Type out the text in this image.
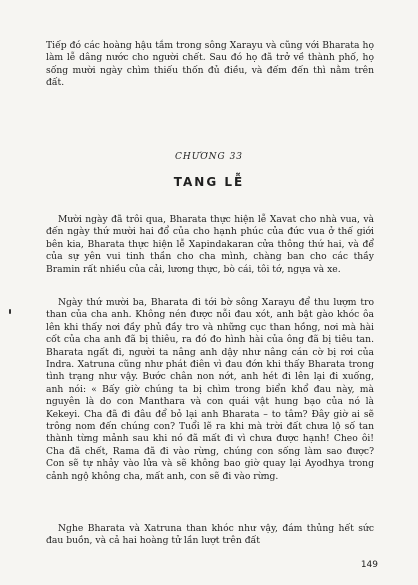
Tiếp đó các hoàng hậu tắm trong sông Xarayu và cũng với Bharata họ làm lễ dâng nước cho người chết. Sau đó họ đã trở về thành phố, họ sống mười ngày chìm thiếu thốn đủ điều, và đếm đến thì nằm trên đất.

CHƯƠNG 33
TANG LỄ

Mười ngày đã trôi qua, Bharata thực hiện lễ Xavat cho nhà vua, và đến ngày thứ mười hai đổ của cho hạnh phúc của đức vua ở thế giới bên kia, Bharata thực hiện lễ Xapindakaran cửa thông thứ hai, và để của sự yên vui tinh thần cho cha mình, chàng ban cho các thầy Bramin rất nhiều của cải, lương thực, bò cái, tôi tớ, ngựa và xe.

Ngày thứ mười ba, Bharata đi tới bờ sông Xarayu để thu lượm tro than của cha anh. Không nén được nỗi đau xót, anh bật gào khóc ôa lên khi thấy nơi đầy phủ đầy tro và những cục than hồng, nơi mà hài cốt của cha anh đã bị thiêu, ra đó đo hình hài của ông đã bị tiêu tan. Bharata ngất đi, người ta nâng anh dậy như nâng cán cờ bị rơi của Indra. Xatruna cũng như phát điên vì đau đớn khi thấy Bharata trong tình trạng như vậy. Bước chân non nớt, anh hét đi lên lại đi xuống, anh nói: « Bấy giờ chúng ta bị chìm trong biển khổ đau này, mà nguyên là do con Manthara và con quái vật hung bạo của nó là Kekeyi. Cha đã đi đâu để bỏ lại anh Bharata – to tâm? Đây giờ ai sẽ trông nom đến chúng con? Tuổi lẽ ra khi mà trời đất chưa lộ số tan thành từng mảnh sau khi nó đã mất đi vì chưa được hạnh! Cheo ôi! Cha đã chết, Rama đã đi vào rừng, chúng con sống làm sao được? Con sẽ tự nhảy vào lửa và sẽ không bao giờ quay lại Ayodhya trong cảnh ngộ không cha, mất anh, con sẽ đi vào rừng.

Nghe Bharata và Xatruna than khóc như vậy, đám thủng hết sức đau buồn, và cả hai hoàng tử lần lượt trên đất

149
